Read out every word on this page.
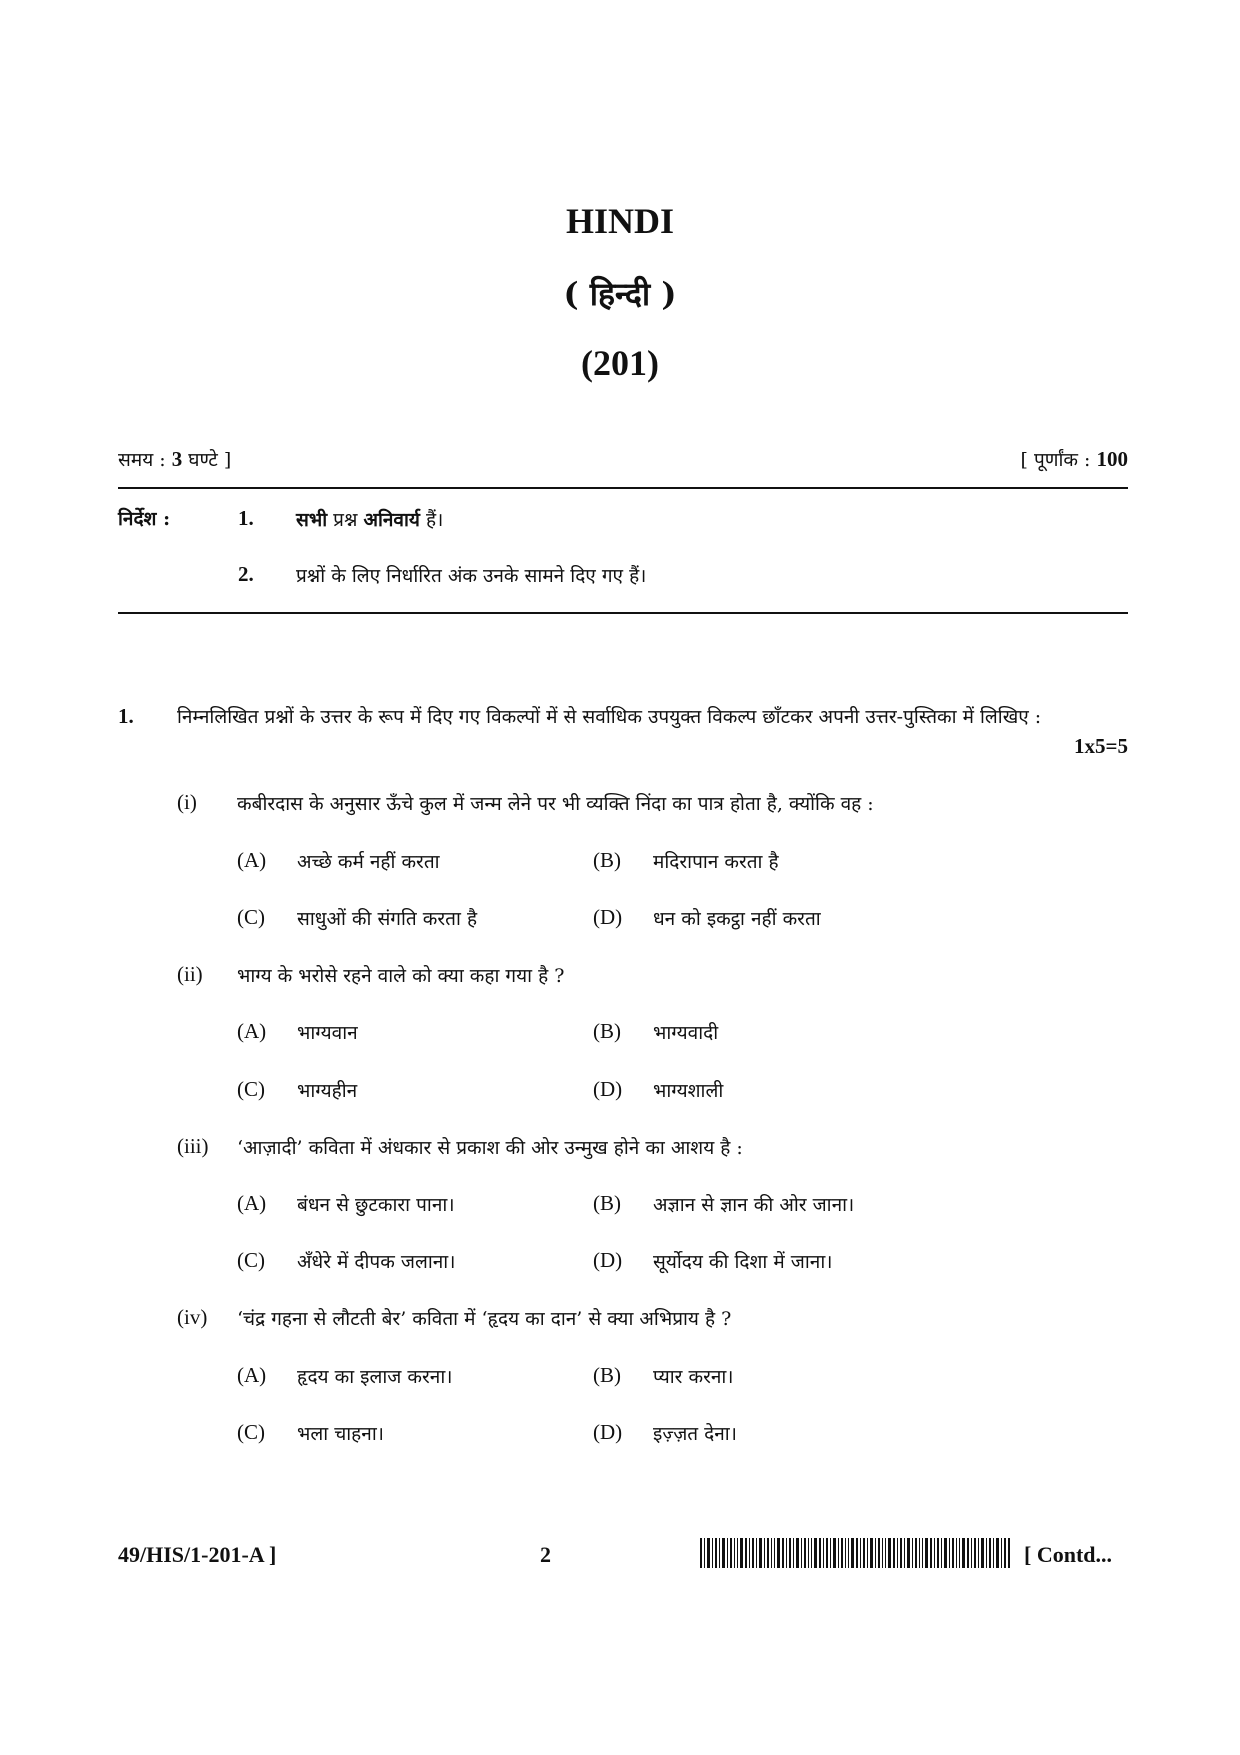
HINDI
( हिन्दी )
(201)
समय : 3 घण्टे ]	[ पूर्णांक : 100
निर्देश :	1. सभी प्रश्न अनिवार्य हैं।
2. प्रश्नों के लिए निर्धारित अंक उनके सामने दिए गए हैं।
1. निम्नलिखित प्रश्नों के उत्तर के रूप में दिए गए विकल्पों में से सर्वाधिक उपयुक्त विकल्प छाँटकर अपनी उत्तर-पुस्तिका में लिखिए :
1x5=5
(i) कबीरदास के अनुसार ऊँचे कुल में जन्म लेने पर भी व्यक्ति निंदा का पात्र होता है, क्योंकि वह :
(A) अच्छे कर्म नहीं करता	(B) मदिरापान करता है
(C) साधुओं की संगति करता है	(D) धन को इकट्ठा नहीं करता
(ii) भाग्य के भरोसे रहने वाले को क्या कहा गया है ?
(A) भाग्यवान	(B) भाग्यवादी
(C) भाग्यहीन	(D) भाग्यशाली
(iii) ‘आज़ादी’ कविता में अंधकार से प्रकाश की ओर उन्मुख होने का आशय है :
(A) बंधन से छुटकारा पाना।	(B) अज्ञान से ज्ञान की ओर जाना।
(C) अँधेरे में दीपक जलाना।	(D) सूर्योदय की दिशा में जाना।
(iv) ‘चंद्र गहना से लौटती बेर’ कविता में ‘हृदय का दान’ से क्या अभिप्राय है ?
(A) हृदय का इलाज करना।	(B) प्यार करना।
(C) भला चाहना।	(D) इज़्ज़त देना।
49/HIS/1-201-A ]	2	[ Contd...
